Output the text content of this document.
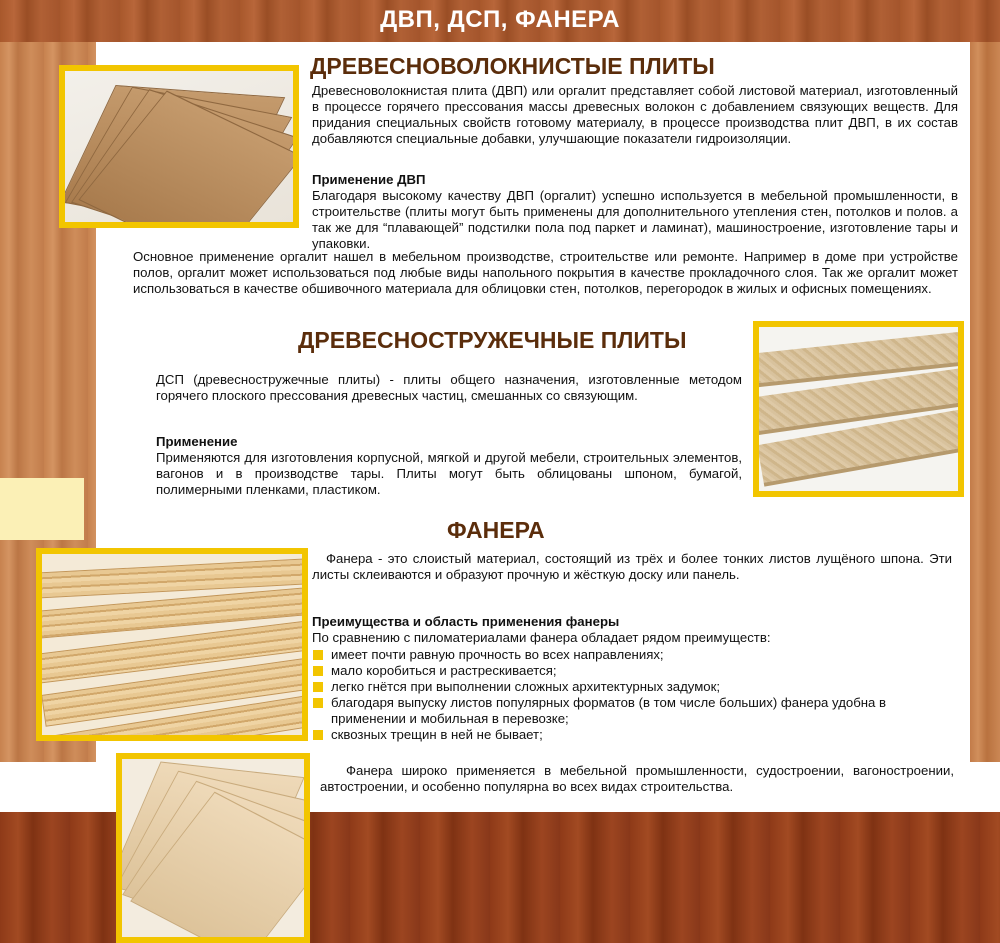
ДВП, ДСП, ФАНЕРА
ДРЕВЕСНОВОЛОКНИСТЫЕ ПЛИТЫ

Древесноволокнистая плита (ДВП) или оргалит представляет собой листовой материал, изготовленный в процессе горячего прессования массы древесных волокон с добавлением связующих веществ. Для придания специальных свойств готовому материалу, в процессе производства плит ДВП, в их состав добавляются специальные добавки, улучшающие показатели гидроизоляции.

Применение ДВП

Благодаря высокому качеству ДВП (оргалит) успешно используется в мебельной промышленности, в строительстве (плиты могут быть применены для дополнительного утепления стен, потолков и полов. а так же для “плавающей” подстилки пола под паркет и ламинат), машиностроение, изготовление тары и упаковки.

Основное применение оргалит нашел в мебельном производстве, строительстве или ремонте. Например в доме при устройстве полов, оргалит может использоваться под любые виды напольного покрытия в качестве прокладочного слоя. Так же оргалит может использоваться в качестве обшивочного материала для облицовки стен, потолков, перегородок в жилых и офисных помещениях.

ДРЕВЕСНОСТРУЖЕЧНЫЕ ПЛИТЫ

ДСП (древесностружечные плиты) - плиты общего назначения, изготовленные методом горячего плоского прессования древесных частиц, смешанных со связующим.

Применение

Применяются для изготовления корпусной, мягкой и другой мебели, строительных элементов, вагонов и в производстве тары. Плиты могут быть облицованы шпоном, бумагой, полимерными пленками, пластиком.

ФАНЕРА

Фанера - это слоистый материал, состоящий из трёх и более тонких листов лущёного шпона. Эти листы склеиваются и образуют прочную и жёсткую доску или панель.

Преимущества и область применения фанеры

По сравнению с пиломатериалами фанера обладает рядом преимуществ:

имеет почти равную прочность во всех направлениях;
мало коробиться и растрескивается;
легко гнётся при выполнении сложных архитектурных задумок;
благодаря выпуску листов популярных форматов (в том числе больших) фанера удобна в применении и мобильная в перевозке;
сквозных трещин в ней не бывает;

Фанера широко применяется в мебельной промышленности, судостроении, вагоностроении, автостроении, и особенно популярна во всех видах строительства.
